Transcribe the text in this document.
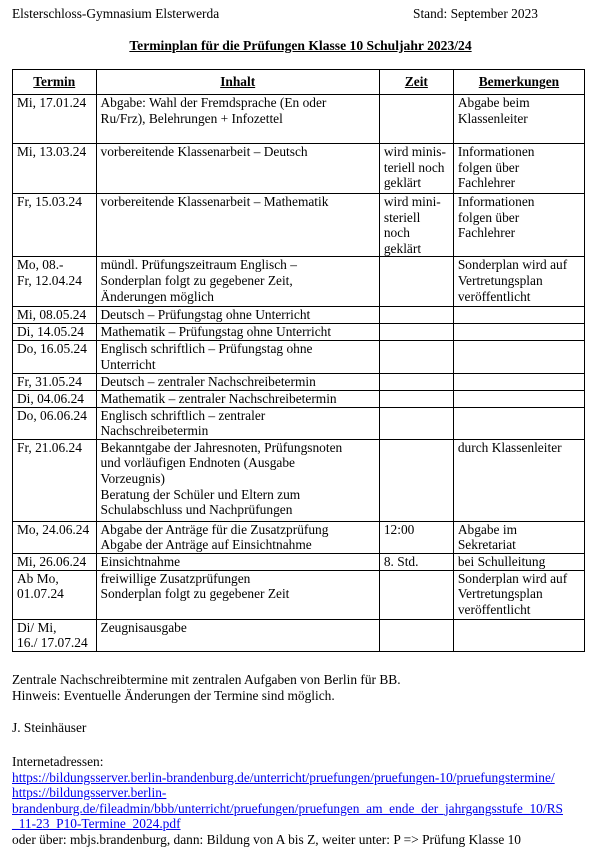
Elsterschloss-Gymnasium Elsterwerda	Stand: September 2023
Terminplan für die Prüfungen Klasse 10 Schuljahr 2023/24
Termin	Inhalt	Zeit	Bemerkungen

Mi, 17.01.24	Abgabe: Wahl der Fremdsprache (En oder
Ru/Frz), Belehrungen + Infozettel		Abgabe beim
Klassenleiter

Mi, 13.03.24	vorbereitende Klassenarbeit – Deutsch	wird minis-
teriell noch
geklärt	Informationen
folgen über
Fachlehrer

Fr, 15.03.24	vorbereitende Klassenarbeit – Mathematik	wird mini-
steriell
noch
geklärt	Informationen
folgen über
Fachlehrer

Mo, 08.-
Fr, 12.04.24	mündl. Prüfungszeitraum Englisch –
Sonderplan folgt zu gegebener Zeit,
Änderungen möglich		Sonderplan wird auf
Vertretungsplan
veröffentlicht

Mi, 08.05.24	Deutsch – Prüfungstag ohne Unterricht		

Di, 14.05.24	Mathematik – Prüfungstag ohne Unterricht		

Do, 16.05.24	Englisch schriftlich – Prüfungstag ohne
Unterricht		

Fr, 31.05.24	Deutsch – zentraler Nachschreibetermin		

Di, 04.06.24	Mathematik – zentraler Nachschreibetermin		

Do, 06.06.24	Englisch schriftlich – zentraler
Nachschreibetermin		

Fr, 21.06.24	Bekanntgabe der Jahresnoten, Prüfungsnoten
und vorläufigen Endnoten (Ausgabe
Vorzeugnis)
Beratung der Schüler und Eltern zum
Schulabschluss und Nachprüfungen		durch Klassenleiter

Mo, 24.06.24	Abgabe der Anträge für die Zusatzprüfung
Abgabe der Anträge auf Einsichtnahme	12:00	Abgabe im
Sekretariat

Mi, 26.06.24	Einsichtnahme	8. Std.	bei Schulleitung

Ab Mo,
01.07.24	freiwillige Zusatzprüfungen
Sonderplan folgt zu gegebener Zeit		Sonderplan wird auf
Vertretungsplan
veröffentlicht

Di/ Mi,
16./ 17.07.24	Zeugnisausgabe		

Zentrale Nachschreibtermine mit zentralen Aufgaben von Berlin für BB.
Hinweis: Eventuelle Änderungen der Termine sind möglich.
J. Steinhäuser
Internetadressen:
https://bildungsserver.berlin-brandenburg.de/unterricht/pruefungen/pruefungen-10/pruefungstermine/
https://bildungsserver.berlin-
brandenburg.de/fileadmin/bbb/unterricht/pruefungen/pruefungen_am_ende_der_jahrgangsstufe_10/RS
_11-23_P10-Termine_2024.pdf
oder über: mbjs.brandenburg, dann: Bildung von A bis Z, weiter unter: P => Prüfung Klasse 10
